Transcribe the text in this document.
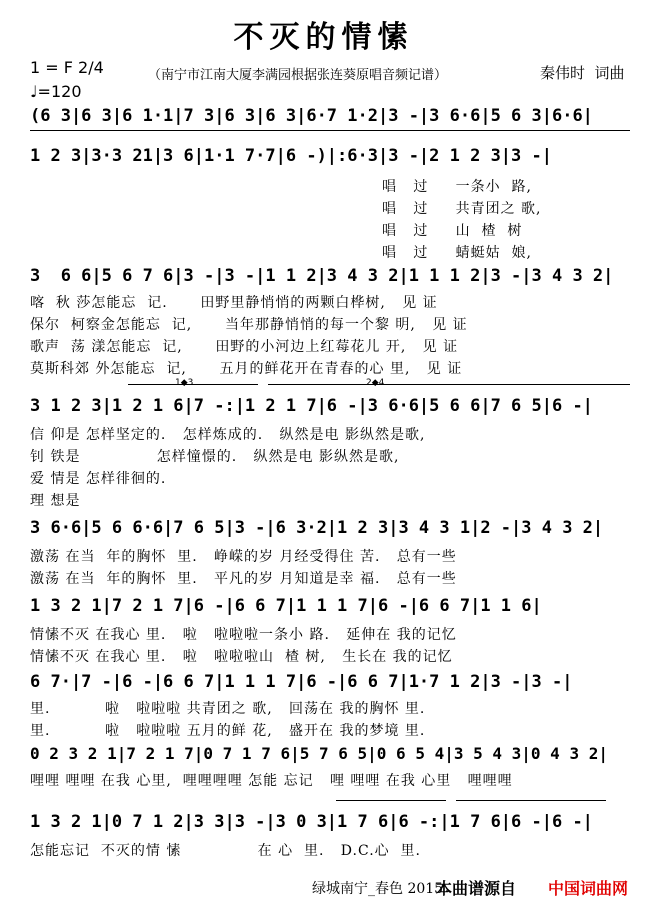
不灭的情愫
1 = F 2/4
♩=120
（南宁市江南大厦李满园根据张连葵原唱音频记谱）	秦伟时  词曲
(6 3|6 3|6 1·1|7 3|6 3|6 3|6·7 1·2|3 -|3 6·6|5 6 3|6·6|
1 2 3|3·3 21|3 6|1·1 7·7|6 -)|:6·3|3 -|2 1 2 3|3 -|
唱   过     一条小  路,
唱   过     共青团之 歌,
唱   过     山  楂  树
唱   过     蜻蜓姑  娘,
3  6 6|5 6 7 6|3 -|3 -|1 1 2|3 4 3 2|1 1 1 2|3 -|3 4 3 2|
喀  秋 莎怎能忘  记.      田野里静悄悄的两颗白桦树,   见 证
保尔  柯察金怎能忘  记,      当年那静悄悄的每一个黎 明,   见 证
歌声  荡 漾怎能忘  记,      田野的小河边上红莓花儿 开,   见 证
莫斯科郊 外怎能忘  记,      五月的鲜花开在青春的心 里,   见 证
1◆3	2◆4
3 1 2 3|1 2 1 6|7 -:|1 2 1 7|6 -|3 6·6|5 6 6|7 6 5|6 -|
信 仰是 怎样坚定的.   怎样炼成的.   纵然是电 影纵然是歌,
钊 铁是              怎样憧憬的.   纵然是电 影纵然是歌,
爱 情是 怎样徘徊的.
理 想是
3 6·6|5 6 6·6|7 6 5|3 -|6 3·2|1 2 3|3 4 3 1|2 -|3 4 3 2|
激荡 在当  年的胸怀  里.   峥嵘的岁 月经受得住 苦.   总有一些
激荡 在当  年的胸怀  里.   平凡的岁 月知道是幸 福.   总有一些
1 3 2 1|7 2 1 7|6 -|6 6 7|1 1 1 7|6 -|6 6 7|1 1 6|
情愫不灭 在我心 里.   啦   啦啦啦一条小 路.   延伸在 我的记忆
情愫不灭 在我心 里.   啦   啦啦啦山  楂 树,   生长在 我的记忆
6 7·|7 -|6 -|6 6 7|1 1 1 7|6 -|6 6 7|1·7 1 2|3 -|3 -|
里.          啦   啦啦啦 共青团之 歌,   回荡在 我的胸怀 里.
里.          啦   啦啦啦 五月的鲜 花,   盛开在 我的梦境 里.
0 2 3 2 1|7 2 1 7|0 7 1 7 6|5 7 6 5|0 6 5 4|3 5 4 3|0 4 3 2|
哩哩 哩哩 在我 心里,  哩哩哩哩 怎能 忘记   哩 哩哩 在我 心里   哩哩哩
1 3 2 1|0 7 1 2|3 3|3 -|3 0 3|1 7 6|6 -:|1 7 6|6 -|6 -|
怎能忘记  不灭的情 愫              在 心  里.   D.C.心  里.
绿城南宁_春色 2015
本曲谱源自 中国词曲网
